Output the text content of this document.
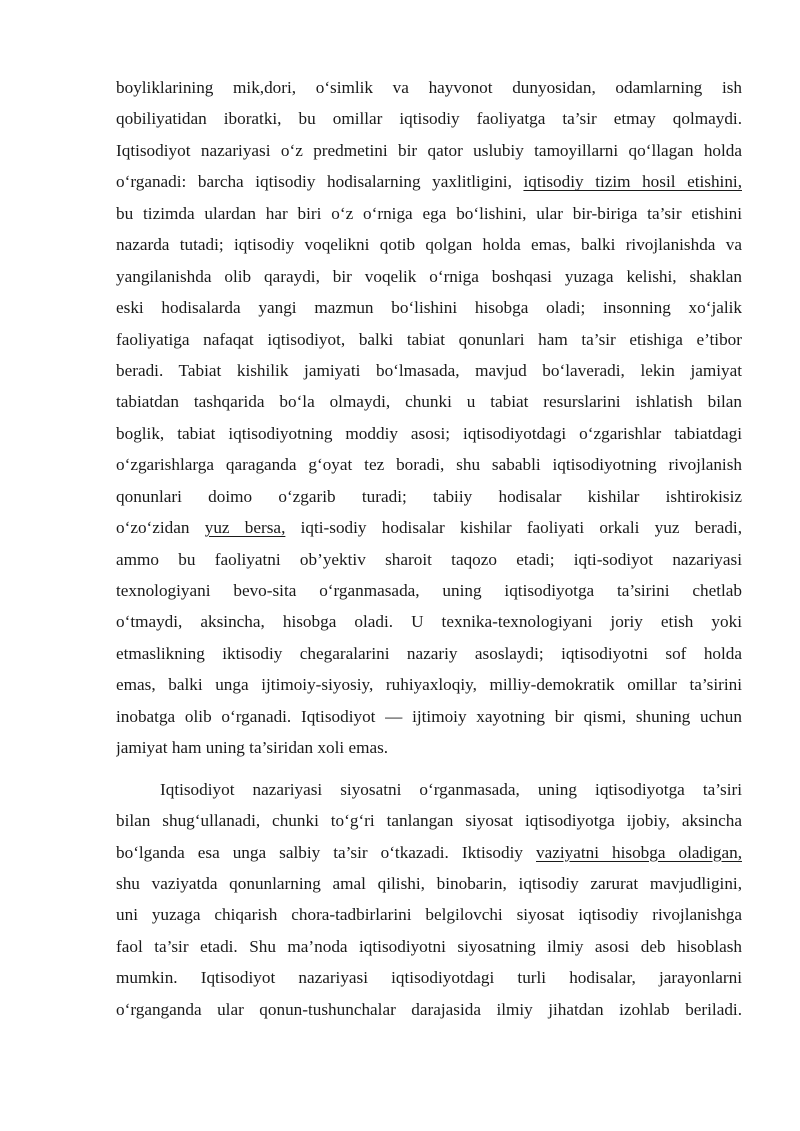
boyliklarining mik,dori, o‘simlik va hayvonot dunyosidan, odamlarning ish
qobiliyatidan iboratki, bu omillar iqtisodiy faoliyatga ta’sir etmay qolmaydi.
Iqtisodiyot nazariyasi o‘z predmetini bir qator uslubiy tamoyillarni qo‘llagan holda
o‘rganadi: barcha iqtisodiy hodisalarning yaxlitligini, iqtisodiy tizim hosil etishini,
bu tizimda ulardan har biri o‘z o‘rniga ega bo‘lishini, ular bir-biriga ta’sir etishini
nazarda tutadi; iqtisodiy voqelikni qotib qolgan holda emas, balki rivojlanishda va
yangilanishda olib qaraydi, bir voqelik o‘rniga boshqasi yuzaga kelishi, shaklan
eski hodisalarda yangi mazmun bo‘lishini hisobga oladi; insonning xo‘jalik
faoliyatiga nafaqat iqtisodiyot, balki tabiat qonunlari ham ta’sir etishiga e’tibor
beradi. Tabiat kishilik jamiyati bo‘lmasada, mavjud bo‘laveradi, lekin jamiyat
tabiatdan tashqarida bo‘la olmaydi, chunki u tabiat resurslarini ishlatish bilan
boglik, tabiat iqtisodiyotning moddiy asosi; iqtisodiyotdagi o‘zgarishlar tabiatdagi
o‘zgarishlarga qaraganda g‘oyat tez boradi, shu sababli iqtisodiyotning rivojlanish
qonunlari doimo o‘zgarib turadi; tabiiy hodisalar kishilar ishtirokisiz
o‘zo‘zidan yuz bersa, iqti-sodiy hodisalar kishilar faoliyati orkali yuz beradi,
ammo bu faoliyatni ob’yektiv sharoit taqozo etadi; iqti-sodiyot nazariyasi
texnologiyani bevo-sita o‘rganmasada, uning iqtisodiyotga ta’sirini chetlab
o‘tmaydi, aksincha, hisobga oladi. U texnika-texnologiyani joriy etish yoki
etmaslikning iktisodiy chegaralarini nazariy asoslaydi; iqtisodiyotni sof holda
emas, balki unga ijtimoiy-siyosiy, ruhiyaxloqiy, milliy-demokratik omillar ta’sirini
inobatga olib o‘rganadi. Iqtisodiyot — ijtimoiy xayotning bir qismi, shuning uchun
jamiyat ham uning ta’siridan xoli emas.
Iqtisodiyot nazariyasi siyosatni o‘rganmasada, uning iqtisodiyotga ta’siri
bilan shug‘ullanadi, chunki to‘g‘ri tanlangan siyosat iqtisodiyotga ijobiy, aksincha
bo‘lganda esa unga salbiy ta’sir o‘tkazadi. Iktisodiy vaziyatni hisobga oladigan,
shu vaziyatda qonunlarning amal qilishi, binobarin, iqtisodiy zarurat mavjudligini,
uni yuzaga chiqarish chora-tadbirlarini belgilovchi siyosat iqtisodiy rivojlanishga
faol ta’sir etadi. Shu ma’noda iqtisodiyotni siyosatning ilmiy asosi deb hisoblash
mumkin. Iqtisodiyot nazariyasi iqtisodiyotdagi turli hodisalar, jarayonlarni
o‘rganganda ular qonun-tushunchalar darajasida ilmiy jihatdan izohlab beriladi.
